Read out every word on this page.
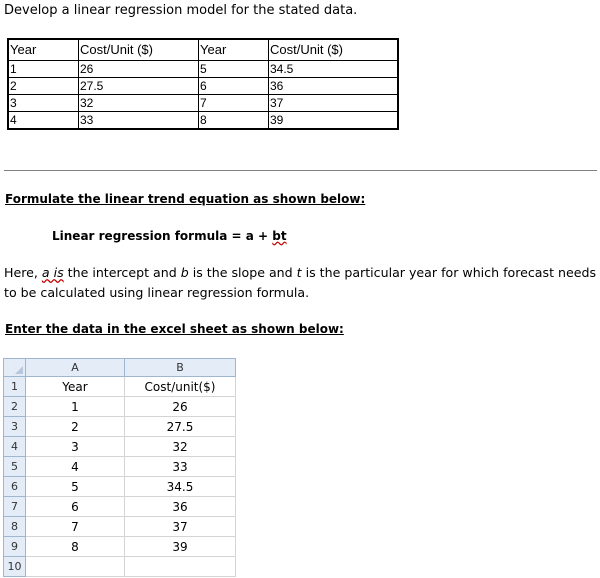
Develop a linear regression model for the stated data.
Year	Cost/Unit ($)	Year	Cost/Unit ($)
1	26	5	34.5
2	27.5	6	36
3	32	7	37
4	33	8	39
Formulate the linear trend equation as shown below:
Linear regression formula = a + bt
Here, a is the intercept and b is the slope and t is the particular year for which forecast needs to be calculated using linear regression formula.
Enter the data in the excel sheet as shown below:
	A	B
1	Year	Cost/unit($)
2	1	26
3	2	27.5
4	3	32
5	4	33
6	5	34.5
7	6	36
8	7	37
9	8	39
10		
